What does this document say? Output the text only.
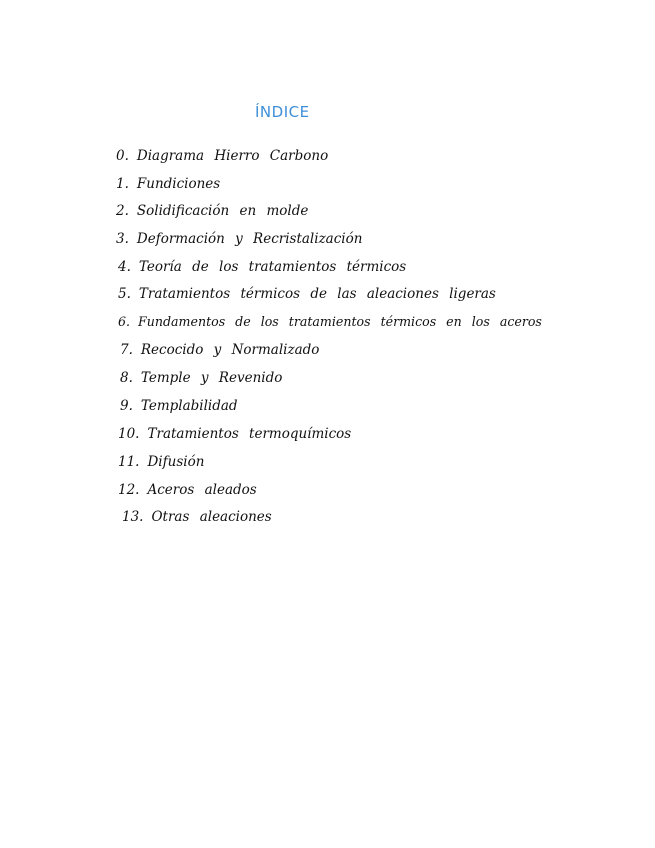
ÍNDICE
0. Diagrama Hierro Carbono
1. Fundiciones
2. Solidificación en molde
3. Deformación y Recristalización
4. Teoría de los tratamientos térmicos
5. Tratamientos térmicos de las aleaciones ligeras
6. Fundamentos de los tratamientos térmicos en los aceros
7. Recocido y Normalizado
8. Temple y Revenido
9. Templabilidad
10. Tratamientos termoquímicos
11. Difusión
12. Aceros aleados
13. Otras aleaciones
